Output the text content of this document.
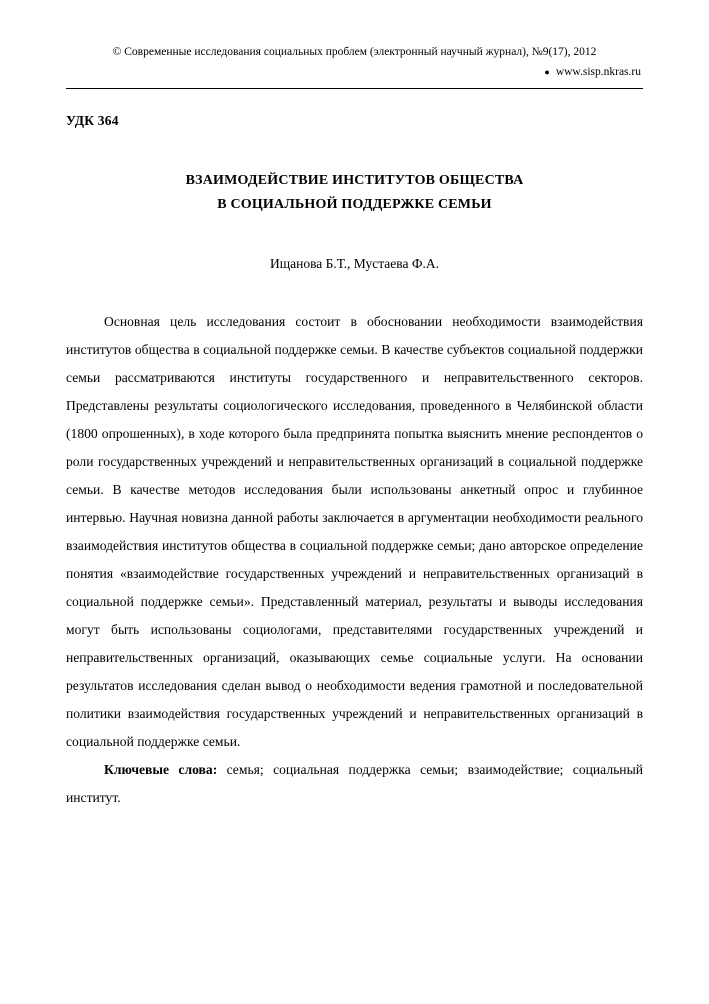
© Современные исследования социальных проблем (электронный научный журнал), №9(17), 2012
● www.sisp.nkras.ru
УДК 364
ВЗАИМОДЕЙСТВИЕ ИНСТИТУТОВ ОБЩЕСТВА
В СОЦИАЛЬНОЙ ПОДДЕРЖКЕ СЕМЬИ
Ищанова Б.Т., Мустаева Ф.А.
Основная цель исследования состоит в обосновании необходимости взаимодействия институтов общества в социальной поддержке семьи. В качестве субъектов социальной поддержки семьи рассматриваются институты государственного и неправительственного секторов. Представлены результаты социологического исследования, проведенного в Челябинской области (1800 опрошенных), в ходе которого была предпринята попытка выяснить мнение респондентов о роли государственных учреждений и неправительственных организаций в социальной поддержке семьи. В качестве методов исследования были использованы анкетный опрос и глубинное интервью. Научная новизна данной работы заключается в аргументации необходимости реального взаимодействия институтов общества в социальной поддержке семьи; дано авторское определение понятия «взаимодействие государственных учреждений и неправительственных организаций в социальной поддержке семьи». Представленный материал, результаты и выводы исследования могут быть использованы социологами, представителями государственных учреждений и неправительственных организаций, оказывающих семье социальные услуги. На основании результатов исследования сделан вывод о необходимости ведения грамотной и последовательной политики взаимодействия государственных учреждений и неправительственных организаций в социальной поддержке семьи.
Ключевые слова: семья; социальная поддержка семьи; взаимодействие; социальный институт.
